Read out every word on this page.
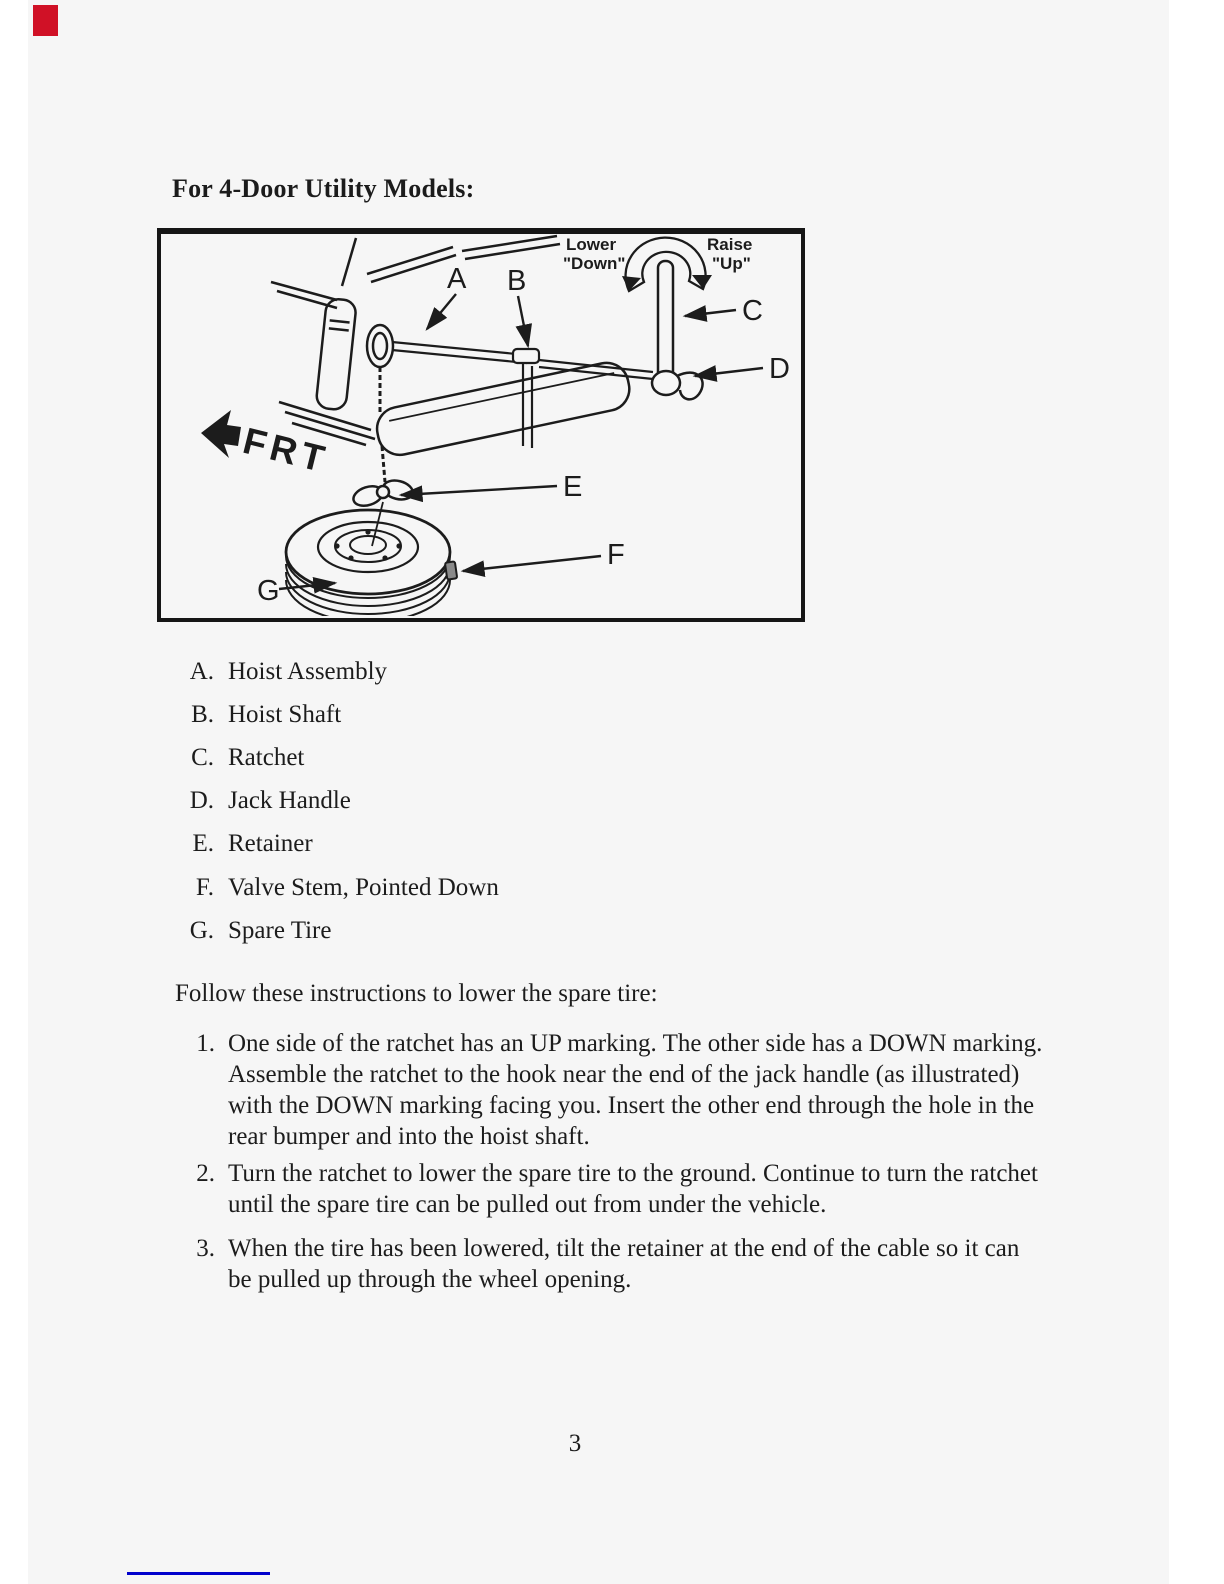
For 4-Door Utility Models:
Lower
"Down"
Raise
"Up"
FRT
A B
C
D
E
F
G
A. Hoist Assembly
B. Hoist Shaft
C. Ratchet
D. Jack Handle
E. Retainer
F. Valve Stem, Pointed Down
G. Spare Tire
Follow these instructions to lower the spare tire:
1. One side of the ratchet has an UP marking. The other side has a DOWN marking. Assemble the ratchet to the hook near the end of the jack handle (as illustrated) with the DOWN marking facing you. Insert the other end through the hole in the rear bumper and into the hoist shaft.
2. Turn the ratchet to lower the spare tire to the ground. Continue to turn the ratchet until the spare tire can be pulled out from under the vehicle.
3. When the tire has been lowered, tilt the retainer at the end of the cable so it can be pulled up through the wheel opening.
3
